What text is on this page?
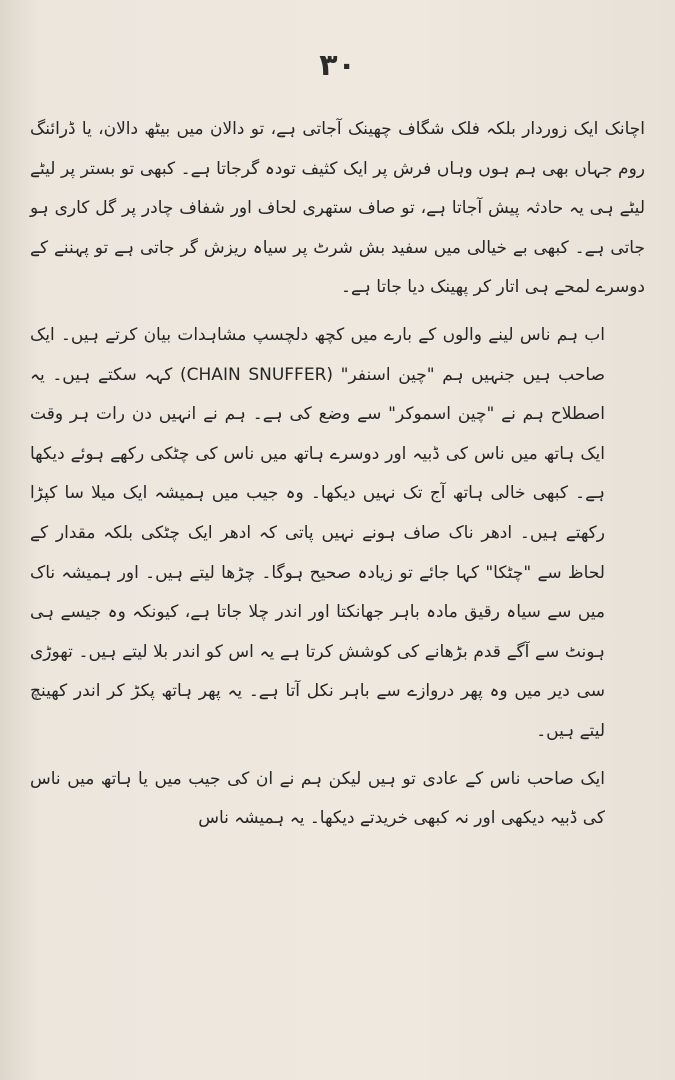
۳۰

اچانک ایک زوردار بلکہ فلک شگاف چھینک آجاتی ہے، تو دالان میں بیٹھ دالان، یا ڈرائنگ روم جہاں بھی ہم ہوں وہاں فرش پر ایک کثیف تودہ گرجاتا ہے۔ کبھی تو بستر پر لیٹے لیٹے ہی یہ حادثہ پیش آجاتا ہے، تو صاف ستھری لحاف اور شفاف چادر پر گل کاری ہو جاتی ہے۔ کبھی بے خیالی میں سفید بش شرٹ پر سیاہ ریزش گر جاتی ہے تو پہننے کے دوسرے لمحے ہی اتار کر پھینک دیا جاتا ہے۔

اب ہم ناس لینے والوں کے بارے میں کچھ دلچسپ مشاہدات بیان کرتے ہیں۔ ایک صاحب ہیں جنہیں ہم "چین اسنفر" (CHAIN SNUFFER) کہہ سکتے ہیں۔ یہ اصطلاح ہم نے "چین اسموکر" سے وضع کی ہے۔ ہم نے انہیں دن رات ہر وقت ایک ہاتھ میں ناس کی ڈبیہ اور دوسرے ہاتھ میں ناس کی چٹکی رکھے ہوئے دیکھا ہے۔ کبھی خالی ہاتھ آج تک نہیں دیکھا۔ وہ جیب میں ہمیشہ ایک میلا سا کپڑا رکھتے ہیں۔ ادھر ناک صاف ہونے نہیں پاتی کہ ادھر ایک چٹکی بلکہ مقدار کے لحاظ سے "چٹکا" کہا جائے تو زیادہ صحیح ہوگا۔ چڑھا لیتے ہیں۔ اور ہمیشہ ناک میں سے سیاہ رقیق مادہ باہر جھانکتا اور اندر چلا جاتا ہے، کیونکہ وہ جیسے ہی ہونٹ سے آگے قدم بڑھانے کی کوشش کرتا ہے یہ اس کو اندر بلا لیتے ہیں۔ تھوڑی سی دیر میں وہ پھر دروازے سے باہر نکل آتا ہے۔ یہ پھر ہاتھ پکڑ کر اندر کھینچ لیتے ہیں۔

ایک صاحب ناس کے عادی تو ہیں لیکن ہم نے ان کی جیب میں یا ہاتھ میں ناس کی ڈبیہ دیکھی اور نہ کبھی خریدتے دیکھا۔ یہ ہمیشہ ناس
